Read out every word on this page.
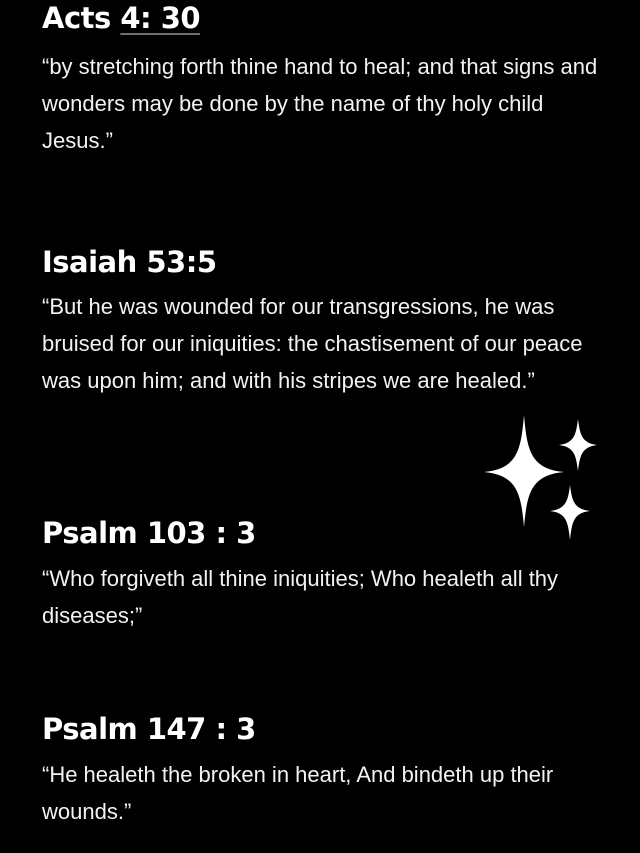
Acts 4: 30

“by stretching forth thine hand to heal; and that signs and wonders may be done by the name of thy holy child Jesus.”

Isaiah 53:5

“But he was wounded for our transgressions, he was bruised for our iniquities: the chastisement of our peace was upon him; and with his stripes we are healed.”

Psalm 103 : 3

“Who forgiveth all thine iniquities; Who healeth all thy diseases;”

Psalm 147 : 3

“He healeth the broken in heart, And bindeth up their wounds.”
